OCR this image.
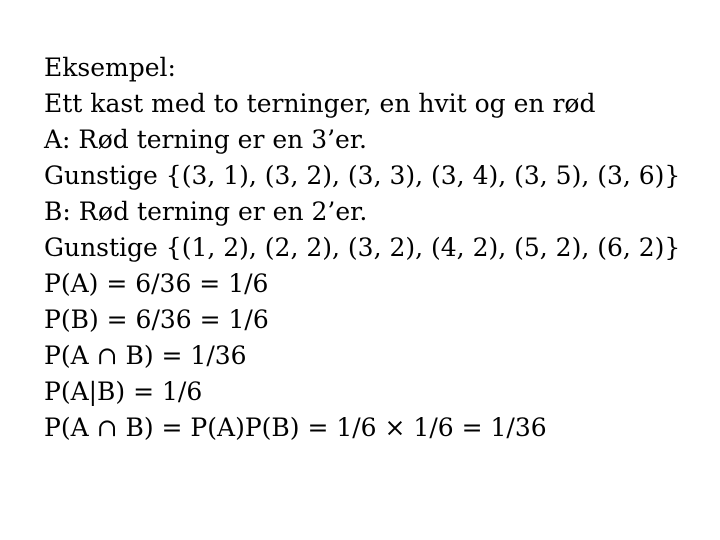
Eksempel:

Ett kast med to terninger, en hvit og en rød

A: Rød terning er en 3’er.

Gunstige {(3, 1), (3, 2), (3, 3), (3, 4), (3, 5), (3, 6)}

B: Rød terning er en 2’er.

Gunstige {(1, 2), (2, 2), (3, 2), (4, 2), (5, 2), (6, 2)}

P(A) = 6/36 = 1/6

P(B) = 6/36 = 1/6

P(A ∩ B) = 1/36

P(A|B) = 1/6

P(A ∩ B) = P(A)P(B) = 1/6 × 1/6 = 1/36
